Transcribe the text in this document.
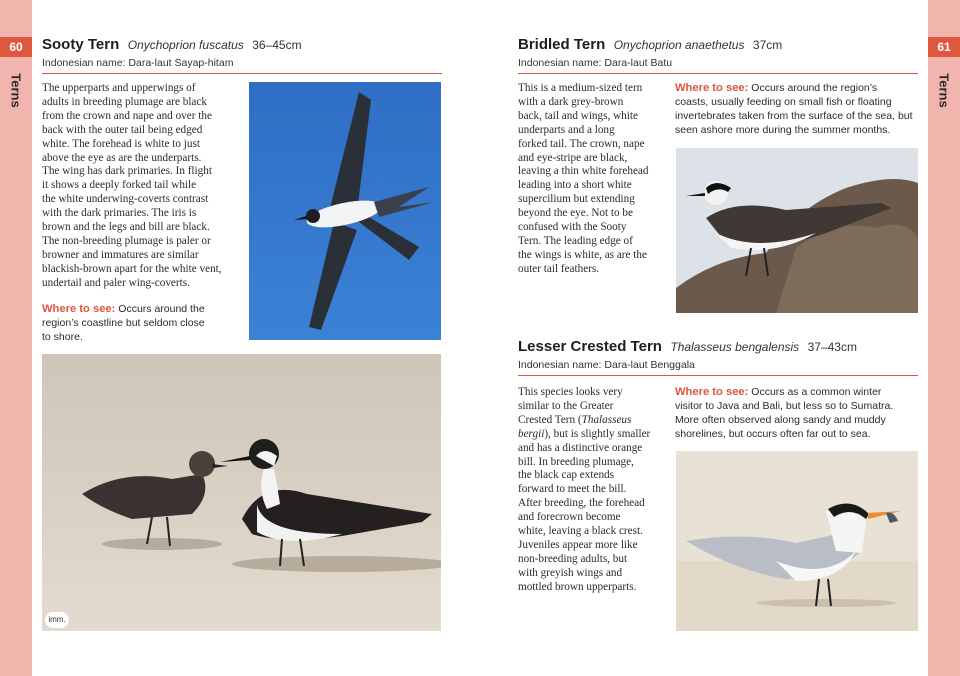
60	61
Terns	Terns
Sooty Tern Onychoprion fuscatus 36–45cm
Indonesian name: Dara-laut Sayap-hitam
The upperparts and upperwings of
adults in breeding plumage are black
from the crown and nape and over the
back with the outer tail being edged
white. The forehead is white to just
above the eye as are the underparts.
The wing has dark primaries. In flight
it shows a deeply forked tail while
the white underwing-coverts contrast
with the dark primaries. The iris is
brown and the legs and bill are black.
The non-breeding plumage is paler or
browner and immatures are similar
blackish-brown apart for the white vent,
undertail and paler wing-coverts.
Where to see: Occurs around the
region’s coastline but seldom close
to shore.
imm.
Bridled Tern Onychoprion anaethetus 37cm
Indonesian name: Dara-laut Batu
This is a medium-sized tern
with a dark grey-brown
back, tail and wings, white
underparts and a long
forked tail. The crown, nape
and eye-stripe are black,
leaving a thin white forehead
leading into a short white
supercilium but extending
beyond the eye. Not to be
confused with the Sooty
Tern. The leading edge of
the wings is white, as are the
outer tail feathers.
Where to see: Occurs around the region’s
coasts, usually feeding on small fish or floating
invertebrates taken from the surface of the sea, but
seen ashore more during the summer months.
Lesser Crested Tern Thalasseus bengalensis 37–43cm
Indonesian name: Dara-laut Benggala
This species looks very
similar to the Greater
Crested Tern (Thalasseus
bergii), but is slightly smaller
and has a distinctive orange
bill. In breeding plumage,
the black cap extends
forward to meet the bill.
After breeding, the forehead
and forecrown become
white, leaving a black crest.
Juveniles appear more like
non-breeding adults, but
with greyish wings and
mottled brown upperparts.
Where to see: Occurs as a common winter
visitor to Java and Bali, but less so to Sumatra.
More often observed along sandy and muddy
shorelines, but occurs often far out to sea.
